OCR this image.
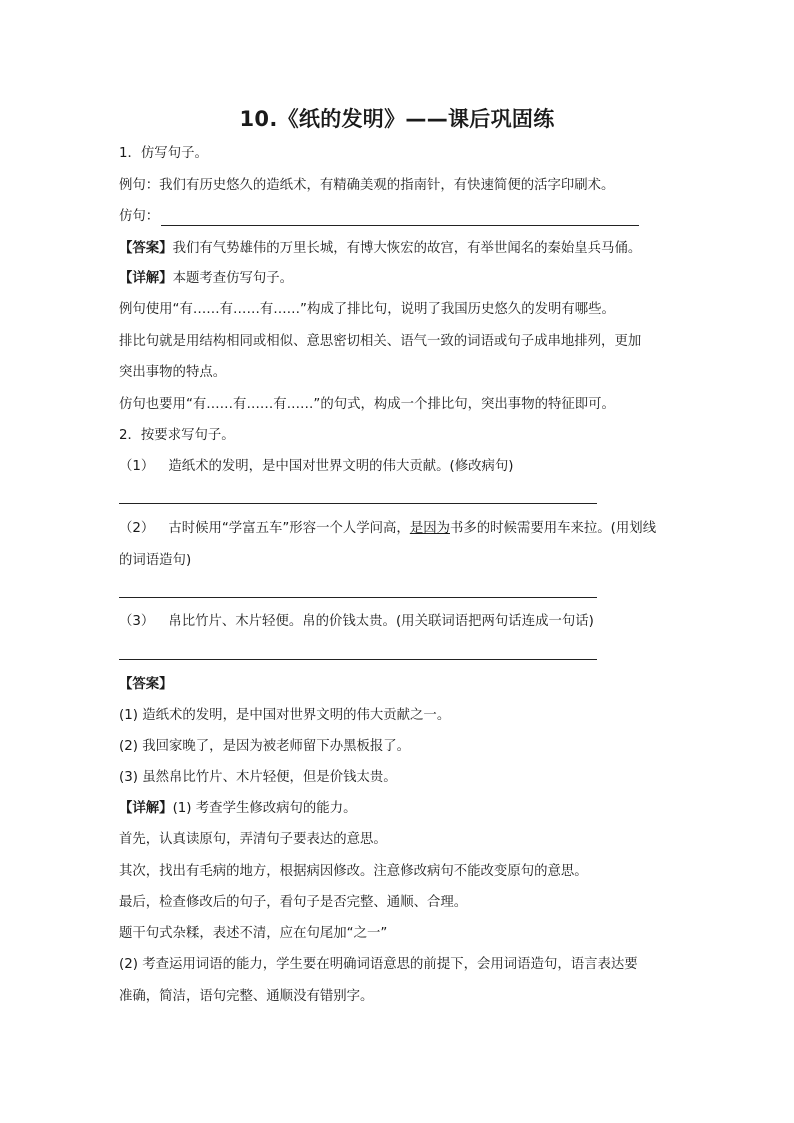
10.《纸的发明》——课后巩固练
1．仿写句子。
例句：我们有历史悠久的造纸术，有精确美观的指南针，有快速简便的活字印刷术。
仿句：
【答案】我们有气势雄伟的万里长城，有博大恢宏的故宫，有举世闻名的秦始皇兵马俑。
【详解】本题考查仿写句子。
例句使用“有……有……有……”构成了排比句，说明了我国历史悠久的发明有哪些。
排比句就是用结构相同或相似、意思密切相关、语气一致的词语或句子成串地排列，更加
突出事物的特点。
仿句也要用“有……有……有……”的句式，构成一个排比句，突出事物的特征即可。
2．按要求写句子。
（1） 造纸术的发明，是中国对世界文明的伟大贡献。(修改病句)
（2） 古时候用“学富五车”形容一个人学问高，是因为书多的时候需要用车来拉。(用划线
的词语造句)
（3） 帛比竹片、木片轻便。帛的价钱太贵。(用关联词语把两句话连成一句话)
【答案】
(1) 造纸术的发明，是中国对世界文明的伟大贡献之一。
(2) 我回家晚了，是因为被老师留下办黑板报了。
(3) 虽然帛比竹片、木片轻便，但是价钱太贵。
【详解】(1) 考查学生修改病句的能力。
首先，认真读原句，弄清句子要表达的意思。
其次，找出有毛病的地方，根据病因修改。注意修改病句不能改变原句的意思。
最后，检查修改后的句子，看句子是否完整、通顺、合理。
题干句式杂糅，表述不清，应在句尾加“之一”
(2) 考查运用词语的能力，学生要在明确词语意思的前提下，会用词语造句，语言表达要
准确，简洁，语句完整、通顺没有错别字。
